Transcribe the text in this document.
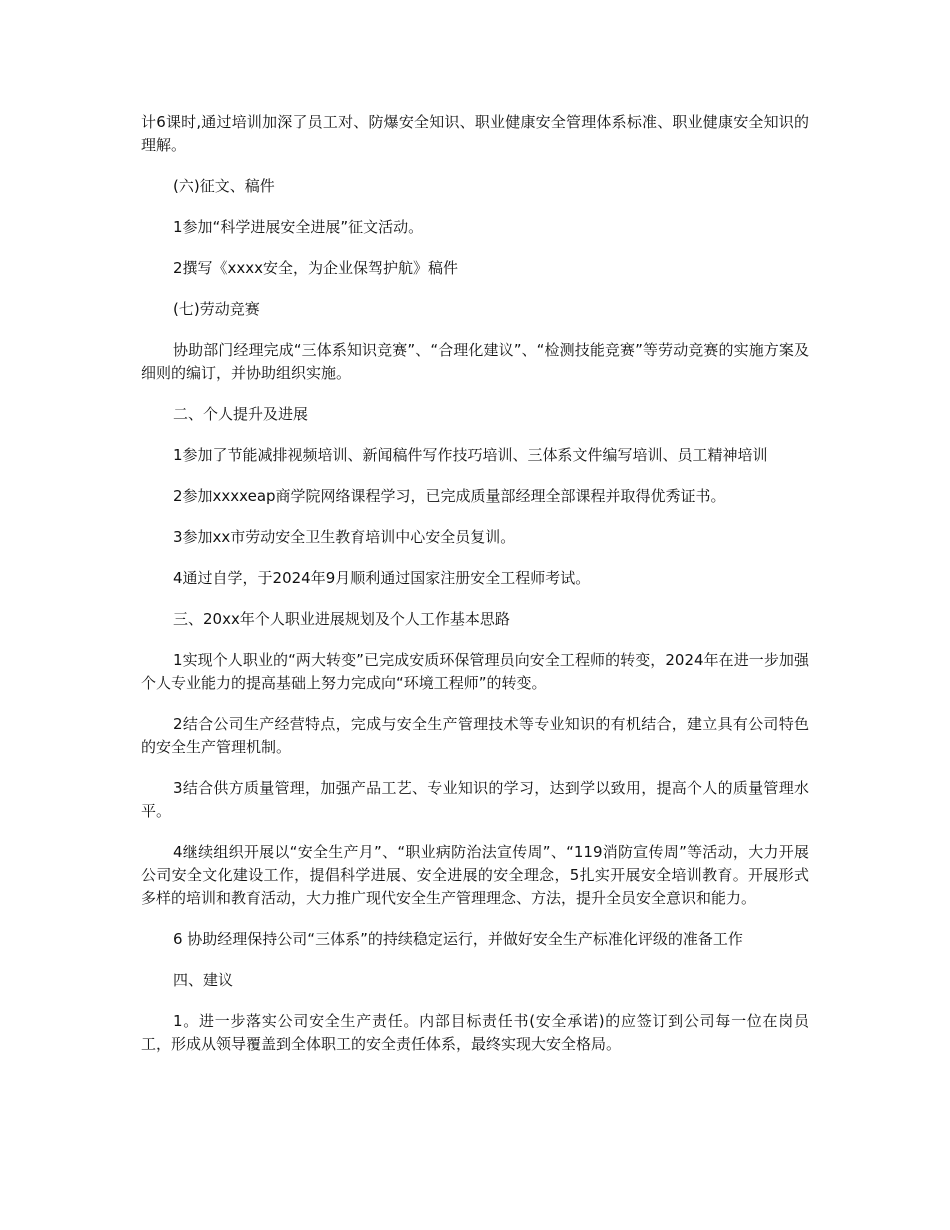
计6课时,通过培训加深了员工对、防爆安全知识、职业健康安全管理体系标准、职业健康安全知识的理解。

(六)征文、稿件

1参加“科学进展安全进展”征文活动。

2撰写《xxxx安全，为企业保驾护航》稿件

(七)劳动竞赛

协助部门经理完成“三体系知识竞赛”、“合理化建议”、“检测技能竞赛”等劳动竞赛的实施方案及细则的编订，并协助组织实施。

二、个人提升及进展

1参加了节能减排视频培训、新闻稿件写作技巧培训、三体系文件编写培训、员工精神培训

2参加xxxxeap商学院网络课程学习，已完成质量部经理全部课程并取得优秀证书。

3参加xx市劳动安全卫生教育培训中心安全员复训。

4通过自学，于2024年9月顺利通过国家注册安全工程师考试。

三、20xx年个人职业进展规划及个人工作基本思路

1实现个人职业的“两大转变”已完成安质环保管理员向安全工程师的转变，2024年在进一步加强个人专业能力的提高基础上努力完成向“环境工程师”的转变。

2结合公司生产经营特点，完成与安全生产管理技术等专业知识的有机结合，建立具有公司特色的安全生产管理机制。

3结合供方质量管理，加强产品工艺、专业知识的学习，达到学以致用，提高个人的质量管理水平。

4继续组织开展以“安全生产月”、“职业病防治法宣传周”、“119消防宣传周”等活动，大力开展公司安全文化建设工作，提倡科学进展、安全进展的安全理念，5扎实开展安全培训教育。开展形式多样的培训和教育活动，大力推广现代安全生产管理理念、方法，提升全员安全意识和能力。

6 协助经理保持公司“三体系”的持续稳定运行，并做好安全生产标准化评级的准备工作

四、建议

1。进一步落实公司安全生产责任。内部目标责任书(安全承诺)的应签订到公司每一位在岗员工，形成从领导覆盖到全体职工的安全责任体系，最终实现大安全格局。
